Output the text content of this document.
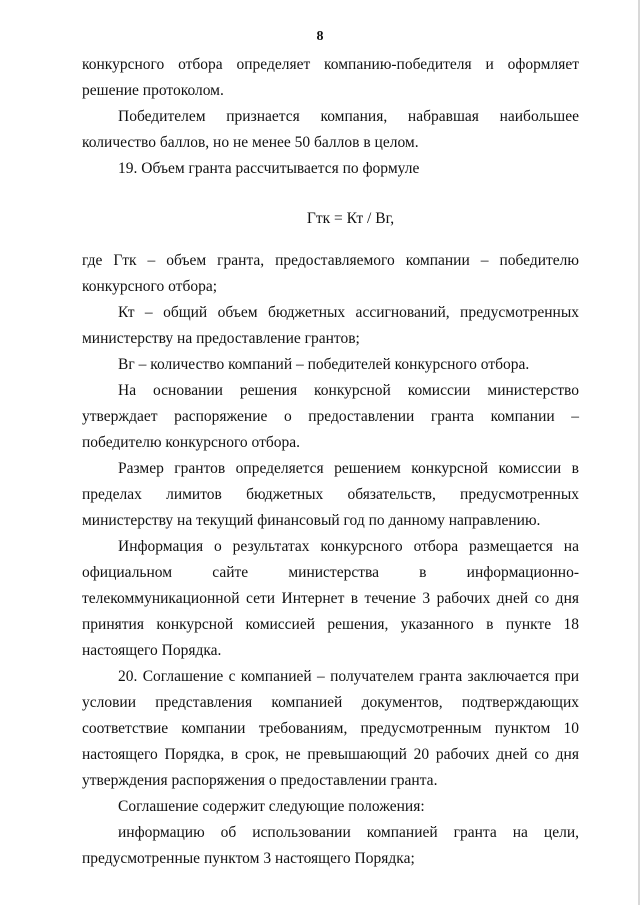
8

конкурсного отбора определяет компанию-победителя и оформляет решение протоколом.

Победителем признается компания, набравшая наибольшее количество баллов, но не менее 50 баллов в целом.

19. Объем гранта рассчитывается по формуле

Гтк = Кт / Вг,

где Гтк – объем гранта, предоставляемого компании – победителю конкурсного отбора;

Кт – общий объем бюджетных ассигнований, предусмотренных министерству на предоставление грантов;

Вг – количество компаний – победителей конкурсного отбора.

На основании решения конкурсной комиссии министерство утверждает распоряжение о предоставлении гранта компании – победителю конкурсного отбора.

Размер грантов определяется решением конкурсной комиссии в пределах лимитов бюджетных обязательств, предусмотренных министерству на текущий финансовый год по данному направлению.

Информация о результатах конкурсного отбора размещается на официальном сайте министерства в информационно-телекоммуникационной сети Интернет в течение 3 рабочих дней со дня принятия конкурсной комиссией решения, указанного в пункте 18 настоящего Порядка.

20. Соглашение с компанией – получателем гранта заключается при условии представления компанией документов, подтверждающих соответствие компании требованиям, предусмотренным пунктом 10 настоящего Порядка, в срок, не превышающий 20 рабочих дней со дня утверждения распоряжения о предоставлении гранта.

Соглашение содержит следующие положения:

информацию об использовании компанией гранта на цели, предусмотренные пунктом 3 настоящего Порядка;
